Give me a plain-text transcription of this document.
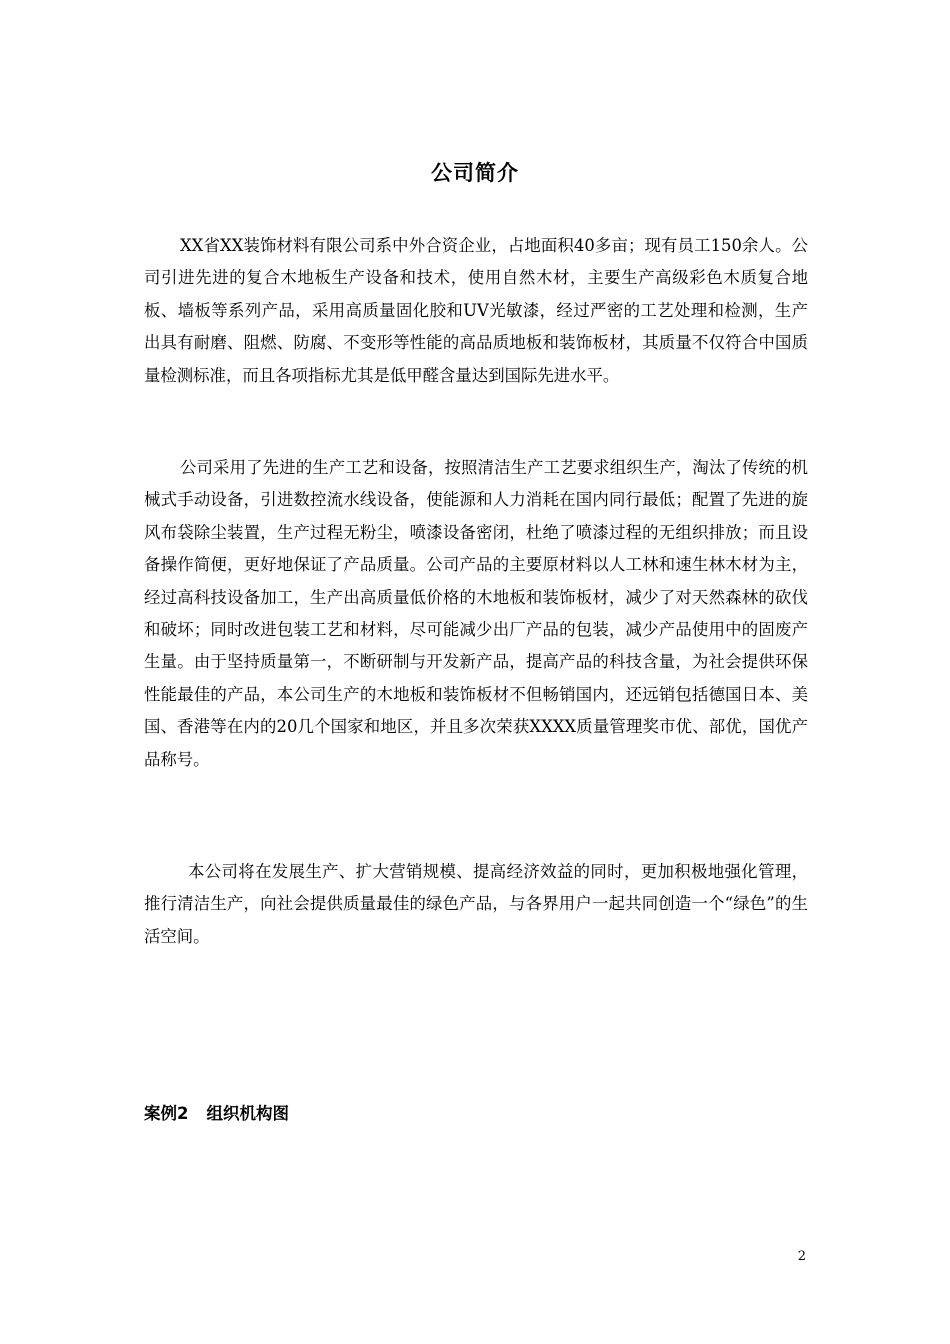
公司简介

XX省XX装饰材料有限公司系中外合资企业，占地面积40多亩；现有员工150余人。公司引进先进的复合木地板生产设备和技术，使用自然木材，主要生产高级彩色木质复合地板、墙板等系列产品，采用高质量固化胶和UV光敏漆，经过严密的工艺处理和检测，生产出具有耐磨、阻燃、防腐、不变形等性能的高品质地板和装饰板材，其质量不仅符合中国质量检测标准，而且各项指标尤其是低甲醛含量达到国际先进水平。

公司采用了先进的生产工艺和设备，按照清洁生产工艺要求组织生产，淘汰了传统的机械式手动设备，引进数控流水线设备，使能源和人力消耗在国内同行最低；配置了先进的旋风布袋除尘装置，生产过程无粉尘，喷漆设备密闭，杜绝了喷漆过程的无组织排放；而且设备操作简便，更好地保证了产品质量。公司产品的主要原材料以人工林和速生林木材为主，经过高科技设备加工，生产出高质量低价格的木地板和装饰板材，减少了对天然森林的砍伐和破坏；同时改进包装工艺和材料，尽可能减少出厂产品的包装，减少产品使用中的固废产生量。由于坚持质量第一，不断研制与开发新产品，提高产品的科技含量，为社会提供环保性能最佳的产品，本公司生产的木地板和装饰板材不但畅销国内，还远销包括德国日本、美国、香港等在内的20几个国家和地区，并且多次荣获XXXX质量管理奖市优、部优，国优产品称号。

本公司将在发展生产、扩大营销规模、提高经济效益的同时，更加积极地强化管理，推行清洁生产，向社会提供质量最佳的绿色产品，与各界用户一起共同创造一个“绿色”的生活空间。

案例2 组织机构图
2
